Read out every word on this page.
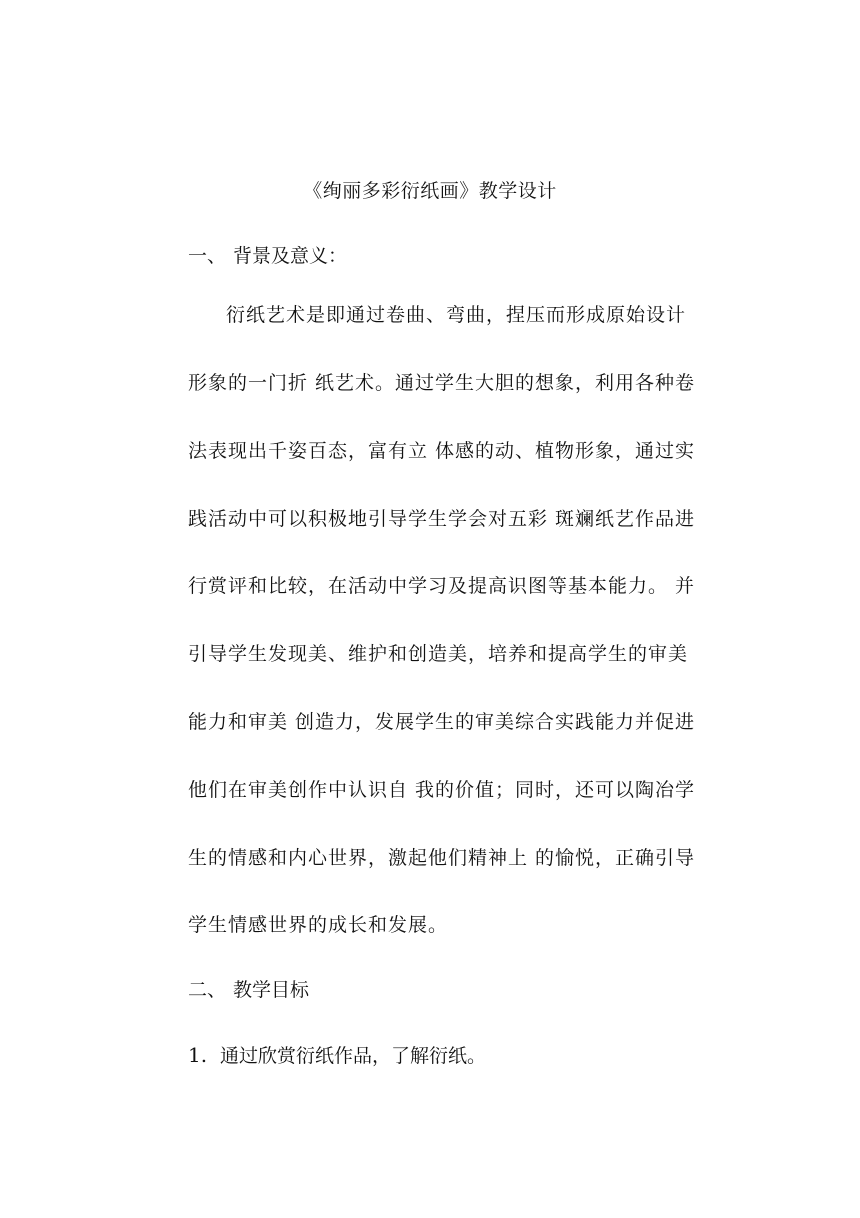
《绚丽多彩衍纸画》教学设计
一、 背景及意义：
衍纸艺术是即通过卷曲、弯曲，捏压而形成原始设计
形象的一门折 纸艺术。通过学生大胆的想象，利用各种卷
法表现出千姿百态，富有立 体感的动、植物形象，通过实
践活动中可以积极地引导学生学会对五彩 斑斓纸艺作品进
行赏评和比较，在活动中学习及提高识图等基本能力。 并
引导学生发现美、维护和创造美，培养和提高学生的审美
能力和审美 创造力，发展学生的审美综合实践能力并促进
他们在审美创作中认识自 我的价值；同时，还可以陶冶学
生的情感和内心世界，激起他们精神上 的愉悦，正确引导
学生情感世界的成长和发展。
二、 教学目标
1. 通过欣赏衍纸作品，了解衍纸。
